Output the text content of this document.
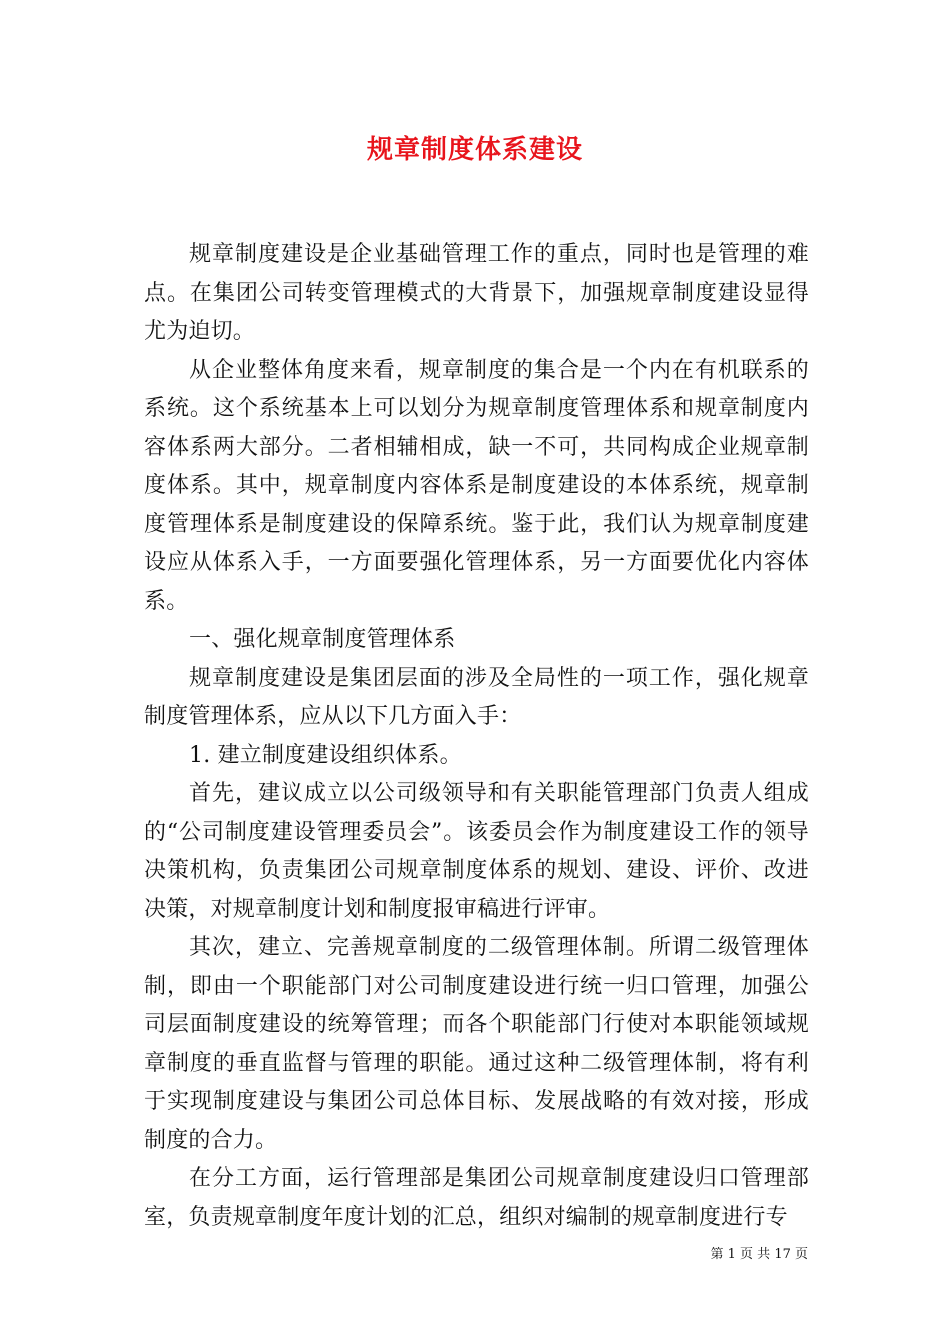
规章制度体系建设

规章制度建设是企业基础管理工作的重点，同时也是管理的难点。在集团公司转变管理模式的大背景下，加强规章制度建设显得尤为迫切。

从企业整体角度来看，规章制度的集合是一个内在有机联系的系统。这个系统基本上可以划分为规章制度管理体系和规章制度内容体系两大部分。二者相辅相成，缺一不可，共同构成企业规章制度体系。其中，规章制度内容体系是制度建设的本体系统，规章制度管理体系是制度建设的保障系统。鉴于此，我们认为规章制度建设应从体系入手，一方面要强化管理体系，另一方面要优化内容体系。

一、强化规章制度管理体系

规章制度建设是集团层面的涉及全局性的一项工作，强化规章制度管理体系，应从以下几方面入手：

1. 建立制度建设组织体系。

首先，建议成立以公司级领导和有关职能管理部门负责人组成的“公司制度建设管理委员会”。该委员会作为制度建设工作的领导决策机构，负责集团公司规章制度体系的规划、建设、评价、改进决策，对规章制度计划和制度报审稿进行评审。

其次，建立、完善规章制度的二级管理体制。所谓二级管理体制，即由一个职能部门对公司制度建设进行统一归口管理，加强公司层面制度建设的统筹管理；而各个职能部门行使对本职能领域规章制度的垂直监督与管理的职能。通过这种二级管理体制，将有利于实现制度建设与集团公司总体目标、发展战略的有效对接，形成制度的合力。

在分工方面，运行管理部是集团公司规章制度建设归口管理部室，负责规章制度年度计划的汇总，组织对编制的规章制度进行专

第 1 页 共 17 页
